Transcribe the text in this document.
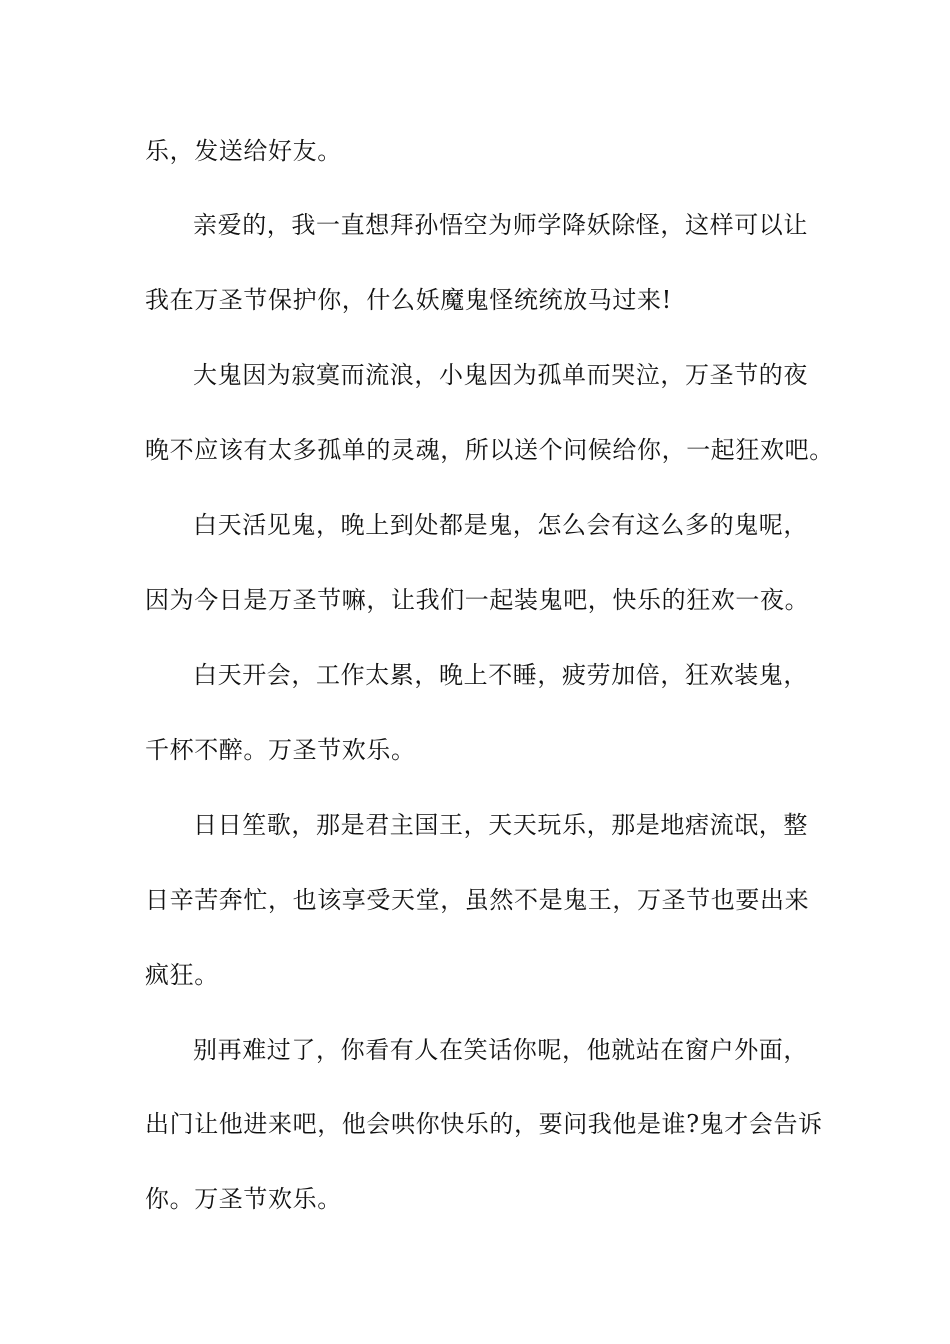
乐，发送给好友。
亲爱的，我一直想拜孙悟空为师学降妖除怪，这样可以让
我在万圣节保护你，什么妖魔鬼怪统统放马过来!
大鬼因为寂寞而流浪，小鬼因为孤单而哭泣，万圣节的夜
晚不应该有太多孤单的灵魂，所以送个问候给你，一起狂欢吧。
白天活见鬼，晚上到处都是鬼，怎么会有这么多的鬼呢，
因为今日是万圣节嘛，让我们一起装鬼吧，快乐的狂欢一夜。
白天开会，工作太累，晚上不睡，疲劳加倍，狂欢装鬼，
千杯不醉。万圣节欢乐。
日日笙歌，那是君主国王，天天玩乐，那是地痞流氓，整
日辛苦奔忙，也该享受天堂，虽然不是鬼王，万圣节也要出来
疯狂。
别再难过了，你看有人在笑话你呢，他就站在窗户外面，
出门让他进来吧，他会哄你快乐的，要问我他是谁?鬼才会告诉
你。万圣节欢乐。
